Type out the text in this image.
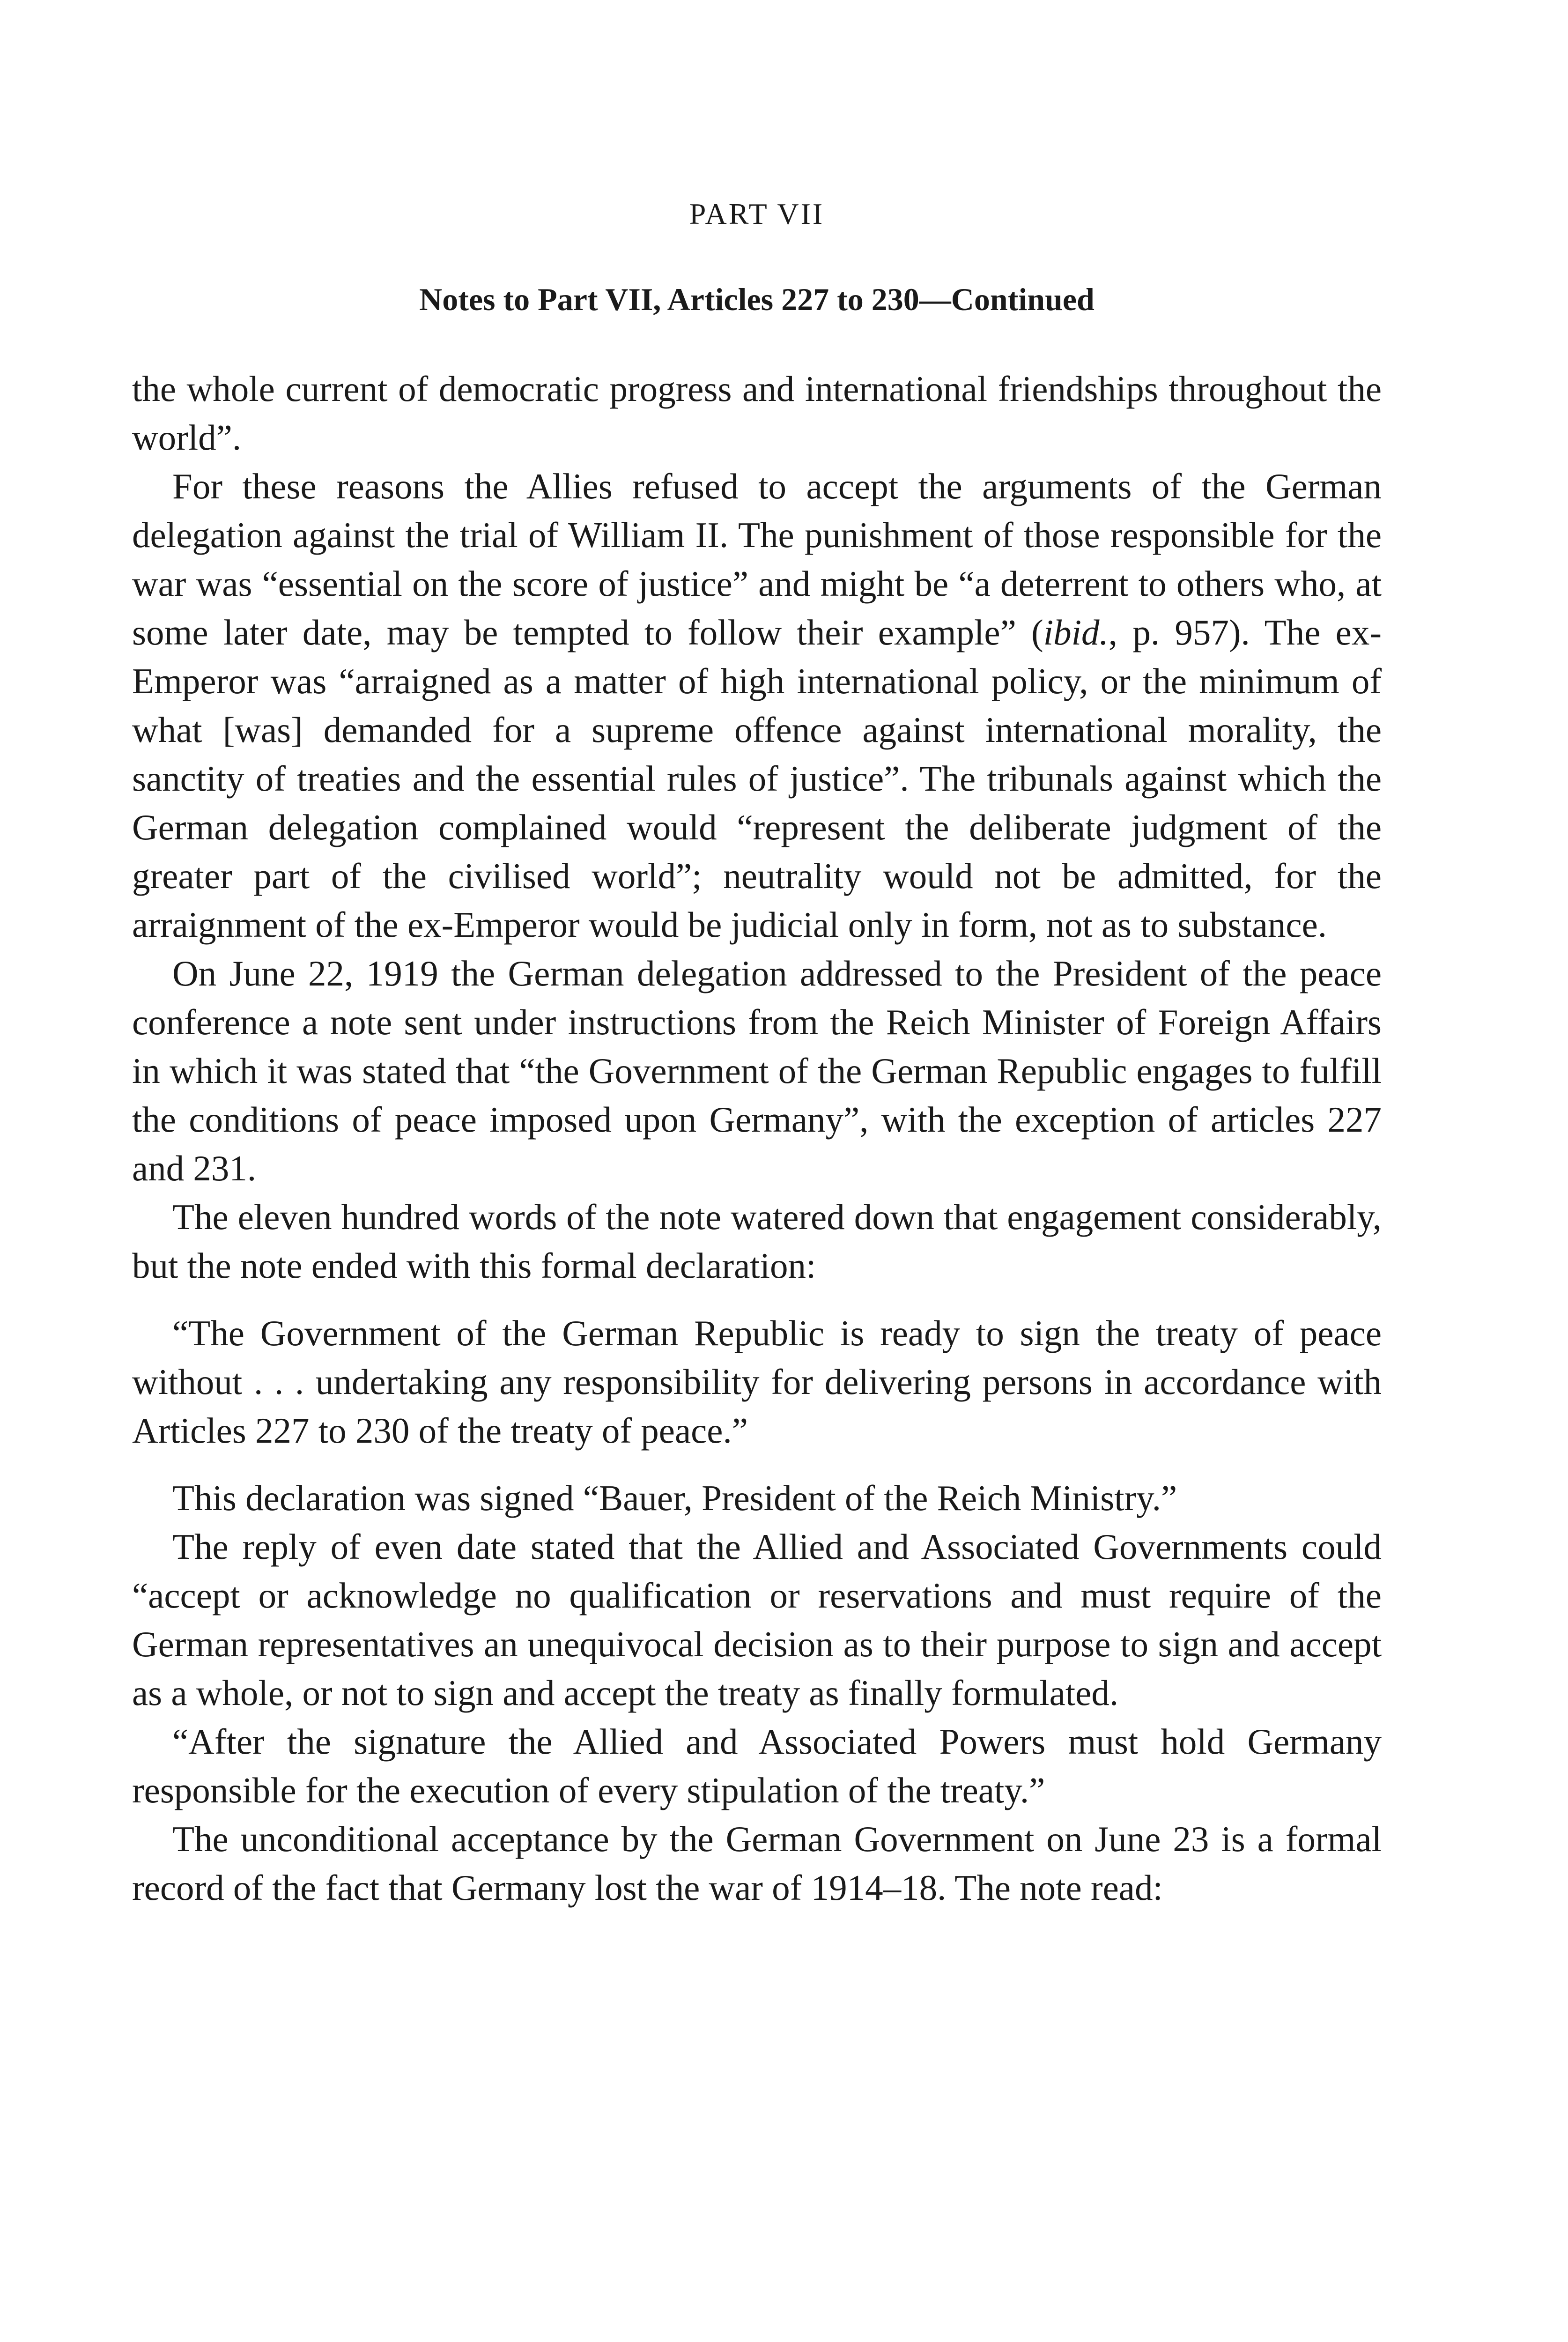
PART VII
Notes to Part VII, Articles 227 to 230—Continued

the whole current of democratic progress and international friendships throughout the world”.

For these reasons the Allies refused to accept the arguments of the German delegation against the trial of William II. The punishment of those responsible for the war was “essential on the score of justice” and might be “a deterrent to others who, at some later date, may be tempted to follow their example” (ibid., p. 957). The ex-Emperor was “arraigned as a matter of high international policy, or the minimum of what [was] demanded for a supreme offence against international morality, the sanctity of treaties and the essential rules of justice”. The tribunals against which the German delegation complained would “represent the deliberate judgment of the greater part of the civilised world”; neutrality would not be admitted, for the arraignment of the ex-Emperor would be judicial only in form, not as to substance.

On June 22, 1919 the German delegation addressed to the President of the peace conference a note sent under instructions from the Reich Minister of Foreign Affairs in which it was stated that “the Government of the German Republic engages to fulfill the conditions of peace imposed upon Germany”, with the exception of articles 227 and 231.

The eleven hundred words of the note watered down that engagement considerably, but the note ended with this formal declaration:

“The Government of the German Republic is ready to sign the treaty of peace without . . . undertaking any responsibility for delivering persons in accordance with Articles 227 to 230 of the treaty of peace.”

This declaration was signed “Bauer, President of the Reich Ministry.”

The reply of even date stated that the Allied and Associated Governments could “accept or acknowledge no qualification or reservations and must require of the German representatives an unequivocal decision as to their purpose to sign and accept as a whole, or not to sign and accept the treaty as finally formulated.

“After the signature the Allied and Associated Powers must hold Germany responsible for the execution of every stipulation of the treaty.”

The unconditional acceptance by the German Government on June 23 is a formal record of the fact that Germany lost the war of 1914–18. The note read:
